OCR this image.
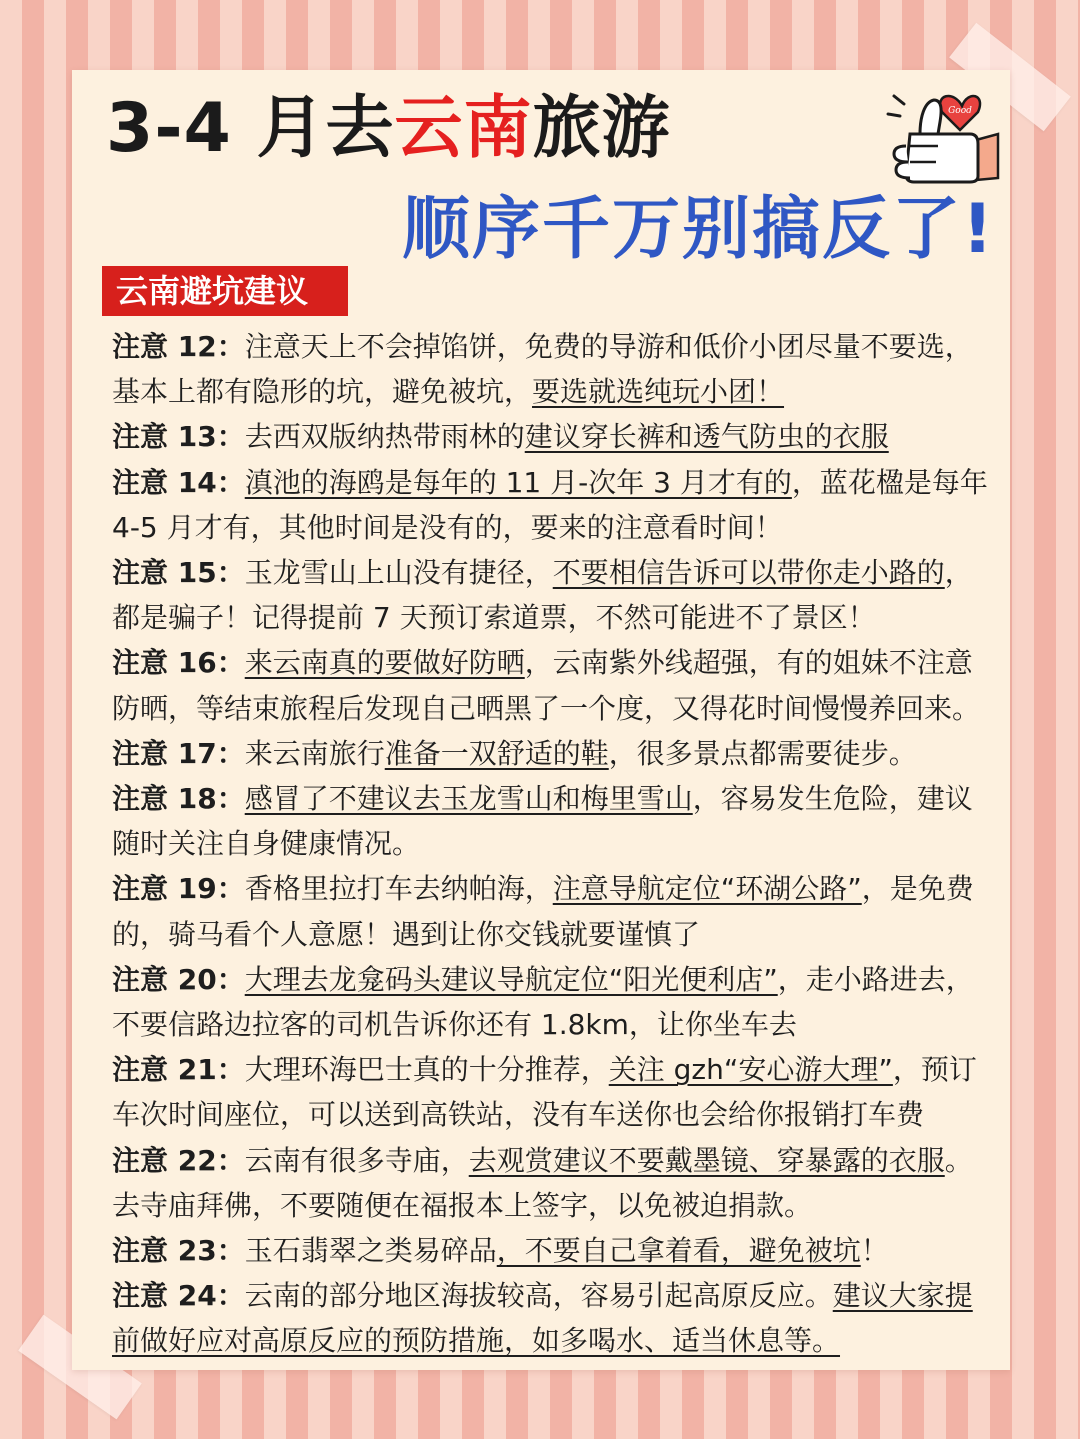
3-4 月去云南旅游
顺序千万别搞反了!
Good
云南避坑建议

注意 12：注意天上不会掉馅饼，免费的导游和低价小团尽量不要选，基本上都有隐形的坑，避免被坑，要选就选纯玩小团！

注意 13：去西双版纳热带雨林的建议穿长裤和透气防虫的衣服

注意 14：滇池的海鸥是每年的 11 月-次年 3 月才有的，蓝花楹是每年4-5 月才有，其他时间是没有的，要来的注意看时间！

注意 15：玉龙雪山上山没有捷径，不要相信告诉可以带你走小路的，都是骗子！记得提前 7 天预订索道票，不然可能进不了景区！

注意 16：来云南真的要做好防晒，云南紫外线超强，有的姐妹不注意防晒，等结束旅程后发现自己晒黑了一个度，又得花时间慢慢养回来。

注意 17：来云南旅行准备一双舒适的鞋，很多景点都需要徒步。

注意 18：感冒了不建议去玉龙雪山和梅里雪山，容易发生危险，建议随时关注自身健康情况。

注意 19：香格里拉打车去纳帕海，注意导航定位“环湖公路”，是免费的，骑马看个人意愿！遇到让你交钱就要谨慎了

注意 20：大理去龙龛码头建议导航定位“阳光便利店”，走小路进去，不要信路边拉客的司机告诉你还有 1.8km，让你坐车去

注意 21：大理环海巴士真的十分推荐，关注 gzh“安心游大理”，预订车次时间座位，可以送到高铁站，没有车送你也会给你报销打车费

注意 22：云南有很多寺庙，去观赏建议不要戴墨镜、穿暴露的衣服。去寺庙拜佛，不要随便在福报本上签字，以免被迫捐款。

注意 23：玉石翡翠之类易碎品，不要自己拿着看，避免被坑！

注意 24：云南的部分地区海拔较高，容易引起高原反应。建议大家提前做好应对高原反应的预防措施，如多喝水、适当休息等。
